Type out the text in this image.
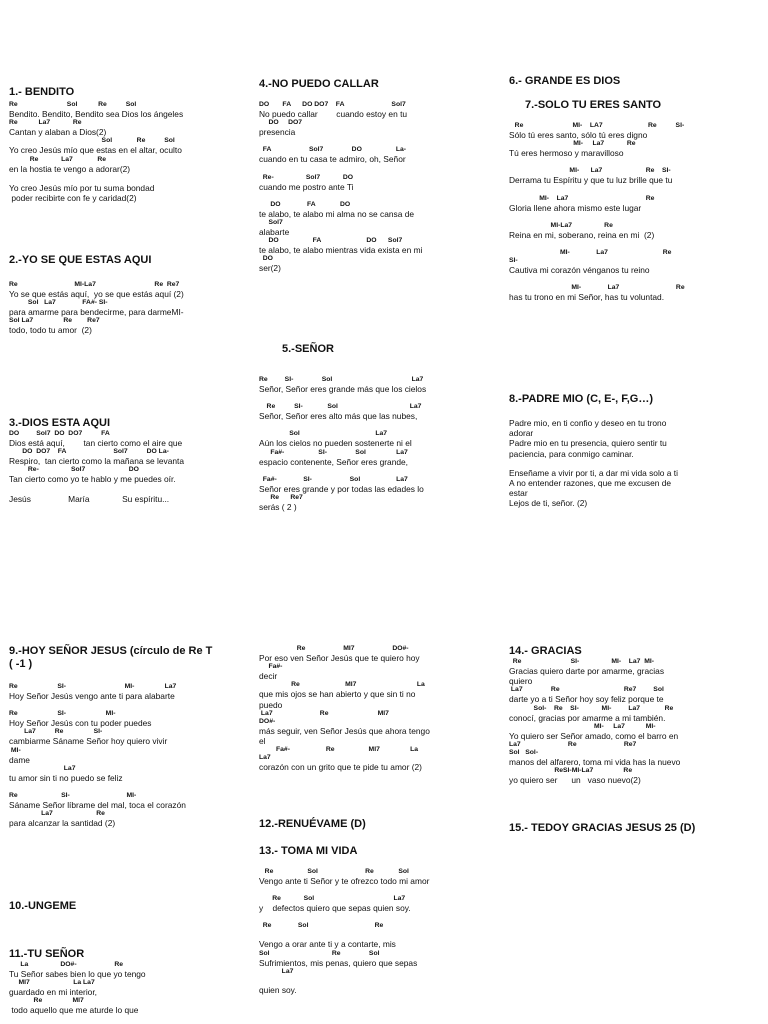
1.- BENDITO
Re                          Sol           Re          Sol
Bendito. Bendito, Bendito sea Dios los ángeles
Re           La7            Re
Cantan y alaban a Dios(2)
Sol             Re          Sol
Yo creo Jesús mío que estas en el altar, oculto
Re            La7             Re
en la hostia te vengo a adorar(2)
Yo creo Jesús mío por tu suma bondad
poder recibirte con fe y caridad(2)
2.-YO SE QUE ESTAS AQUI
Re                              MI-La7                               Re  Re7
Yo se que estás aquí,  yo se que estás aquí (2)
Sol   La7              FA#- SI-
para amarme para bendecirme, para darmeMI-
Sol La7                Re        Re7
todo, todo tu amor  (2)
3.-DIOS ESTA AQUI
DO         Sol7  DO  DO7          FA
Dios está aquí,        tan cierto como el aire que
DO  DO7    FA                         Sol7          DO La-
Respiro,  tan cierto como la mañana se levanta
Re-                 Sol7                       DO
Tan cierto como yo te hablo y me puedes oír.
Jesús                María              Su espíritu...
4.-NO PUEDO CALLAR
DO       FA      DO DO7    FA                         Sol7
No puedo callar        cuando estoy en tu
DO     DO7
presencia
FA                    Sol7               DO                  La-
cuando en tu casa te admiro, oh, Señor
Re-                 Sol7            DO
cuando me postro ante Ti
DO              FA             DO
te alabo, te alabo mi alma no se cansa de
Sol7
alabarte
DO                  FA                        DO      Sol7
te alabo, te alabo mientras vida exista en mi
DO
ser(2)
5.-SEÑOR
Re         SI-               Sol                                          La7
Señor, Señor eres grande más que los cielos
Re          SI-             Sol                                      La7
Señor, Señor eres alto más que las nubes,
Sol                                        La7
Aún los cielos no pueden sostenerte ni el
Fa#-                  SI-               Sol                La7
espacio contenente, Señor eres grande,
Fa#-              SI-                    Sol                   La7
Señor eres grande y por todas las edades lo
Re      Re7
serás ( 2 )
6.- GRANDE ES DIOS
7.-SOLO TU ERES SANTO
Re                          MI-    LA7                        Re          SI-
Sólo tú eres santo, sólo tú eres digno
MI-     La7            Re
Tú eres hermoso y maravilloso
MI-      La7                       Re    SI-
Derrama tu Espíritu y que tu luz brille que tu
MI-    La7                                         Re
Gloria llene ahora mismo este lugar
MI-La7                 Re
Reina en mi, soberano, reina en mi  (2)
MI-              La7                             Re
SI-
Cautiva mi corazón vénganos tu reino
MI-              La7                              Re
has tu trono en mi Señor, has tu voluntad.
8.-PADRE MIO (C, E-, F,G…)
Padre mio, en ti confio y deseo en tu trono
adorar
Padre mio en tu presencia, quiero sentir tu
paciencia, para conmigo caminar.
Enseñame a vivir por ti, a dar mi vida solo a ti
A no entender razones, que me excusen de
estar
Lejos de ti, señor. (2)
9.-HOY SEÑOR JESUS (círculo de Re T
( -1 )
Re                     SI-                               MI-                La7
Hoy Señor Jesús vengo ante ti para alabarte
Re                     SI-                     MI-
Hoy Señor Jesús con tu poder puedes
La7          Re                SI-
cambiarme Sáname Señor hoy quiero vivir
MI-
dame
La7
tu amor sin ti no puedo se feliz
Re                       SI-                              MI-
Sáname Señor líbrame del mal, toca el corazón
La7                       Re
para alcanzar la santidad (2)
10.-UNGEME
11.-TU SEÑOR
La                 DO#-                    Re
Tu Señor sabes bien lo que yo tengo
MI7                       La La7
guardado en mi interior,
Re                MI7
todo aquello que me aturde lo que
Re                    MI7                    DO#-
Por eso ven Señor Jesús que te quiero hoy
Fa#-
decir
Re                        MI7                                La
que mis ojos se han abierto y que sin ti no
puedo
La7                         Re                          MI7
DO#-
más seguir, ven Señor Jesús que ahora tengo
el
Fa#-                   Re                  MI7                La
La7
corazón con un grito que te pide tu amor (2)
12.-RENUÉVAME (D)
13.- TOMA MI VIDA
Re                  Sol                         Re             Sol
Vengo ante ti Señor y te ofrezco todo mi amor
Re            Sol                                          La7
y    defectos quiero que sepas quien soy.
Re              Sol                                   Re
Vengo a orar ante ti y a contarte, mis
Sol                                 Re               Sol
Sufrimientos, mis penas, quiero que sepas
La7
quien soy.
14.- GRACIAS
Re                          SI-                 MI-    La7  MI-
Gracias quiero darte por amarme, gracias
quiero
La7               Re                                  Re7         Sol
darte yo a ti Señor hoy soy feliz porque te
Sol-    Re    SI-            MI-         La7             Re
conocí, gracias por amarme a mi también.
MI-     La7           MI-
Yo quiero ser Señor amado, como el barro en
La7                         Re                         Re7
Sol   Sol-
manos del alfarero, toma mi vida has la nuevo
ReSI-MI-La7                Re
yo quiero ser      un   vaso nuevo(2)
15.- TEDOY GRACIAS JESUS 25 (D)
